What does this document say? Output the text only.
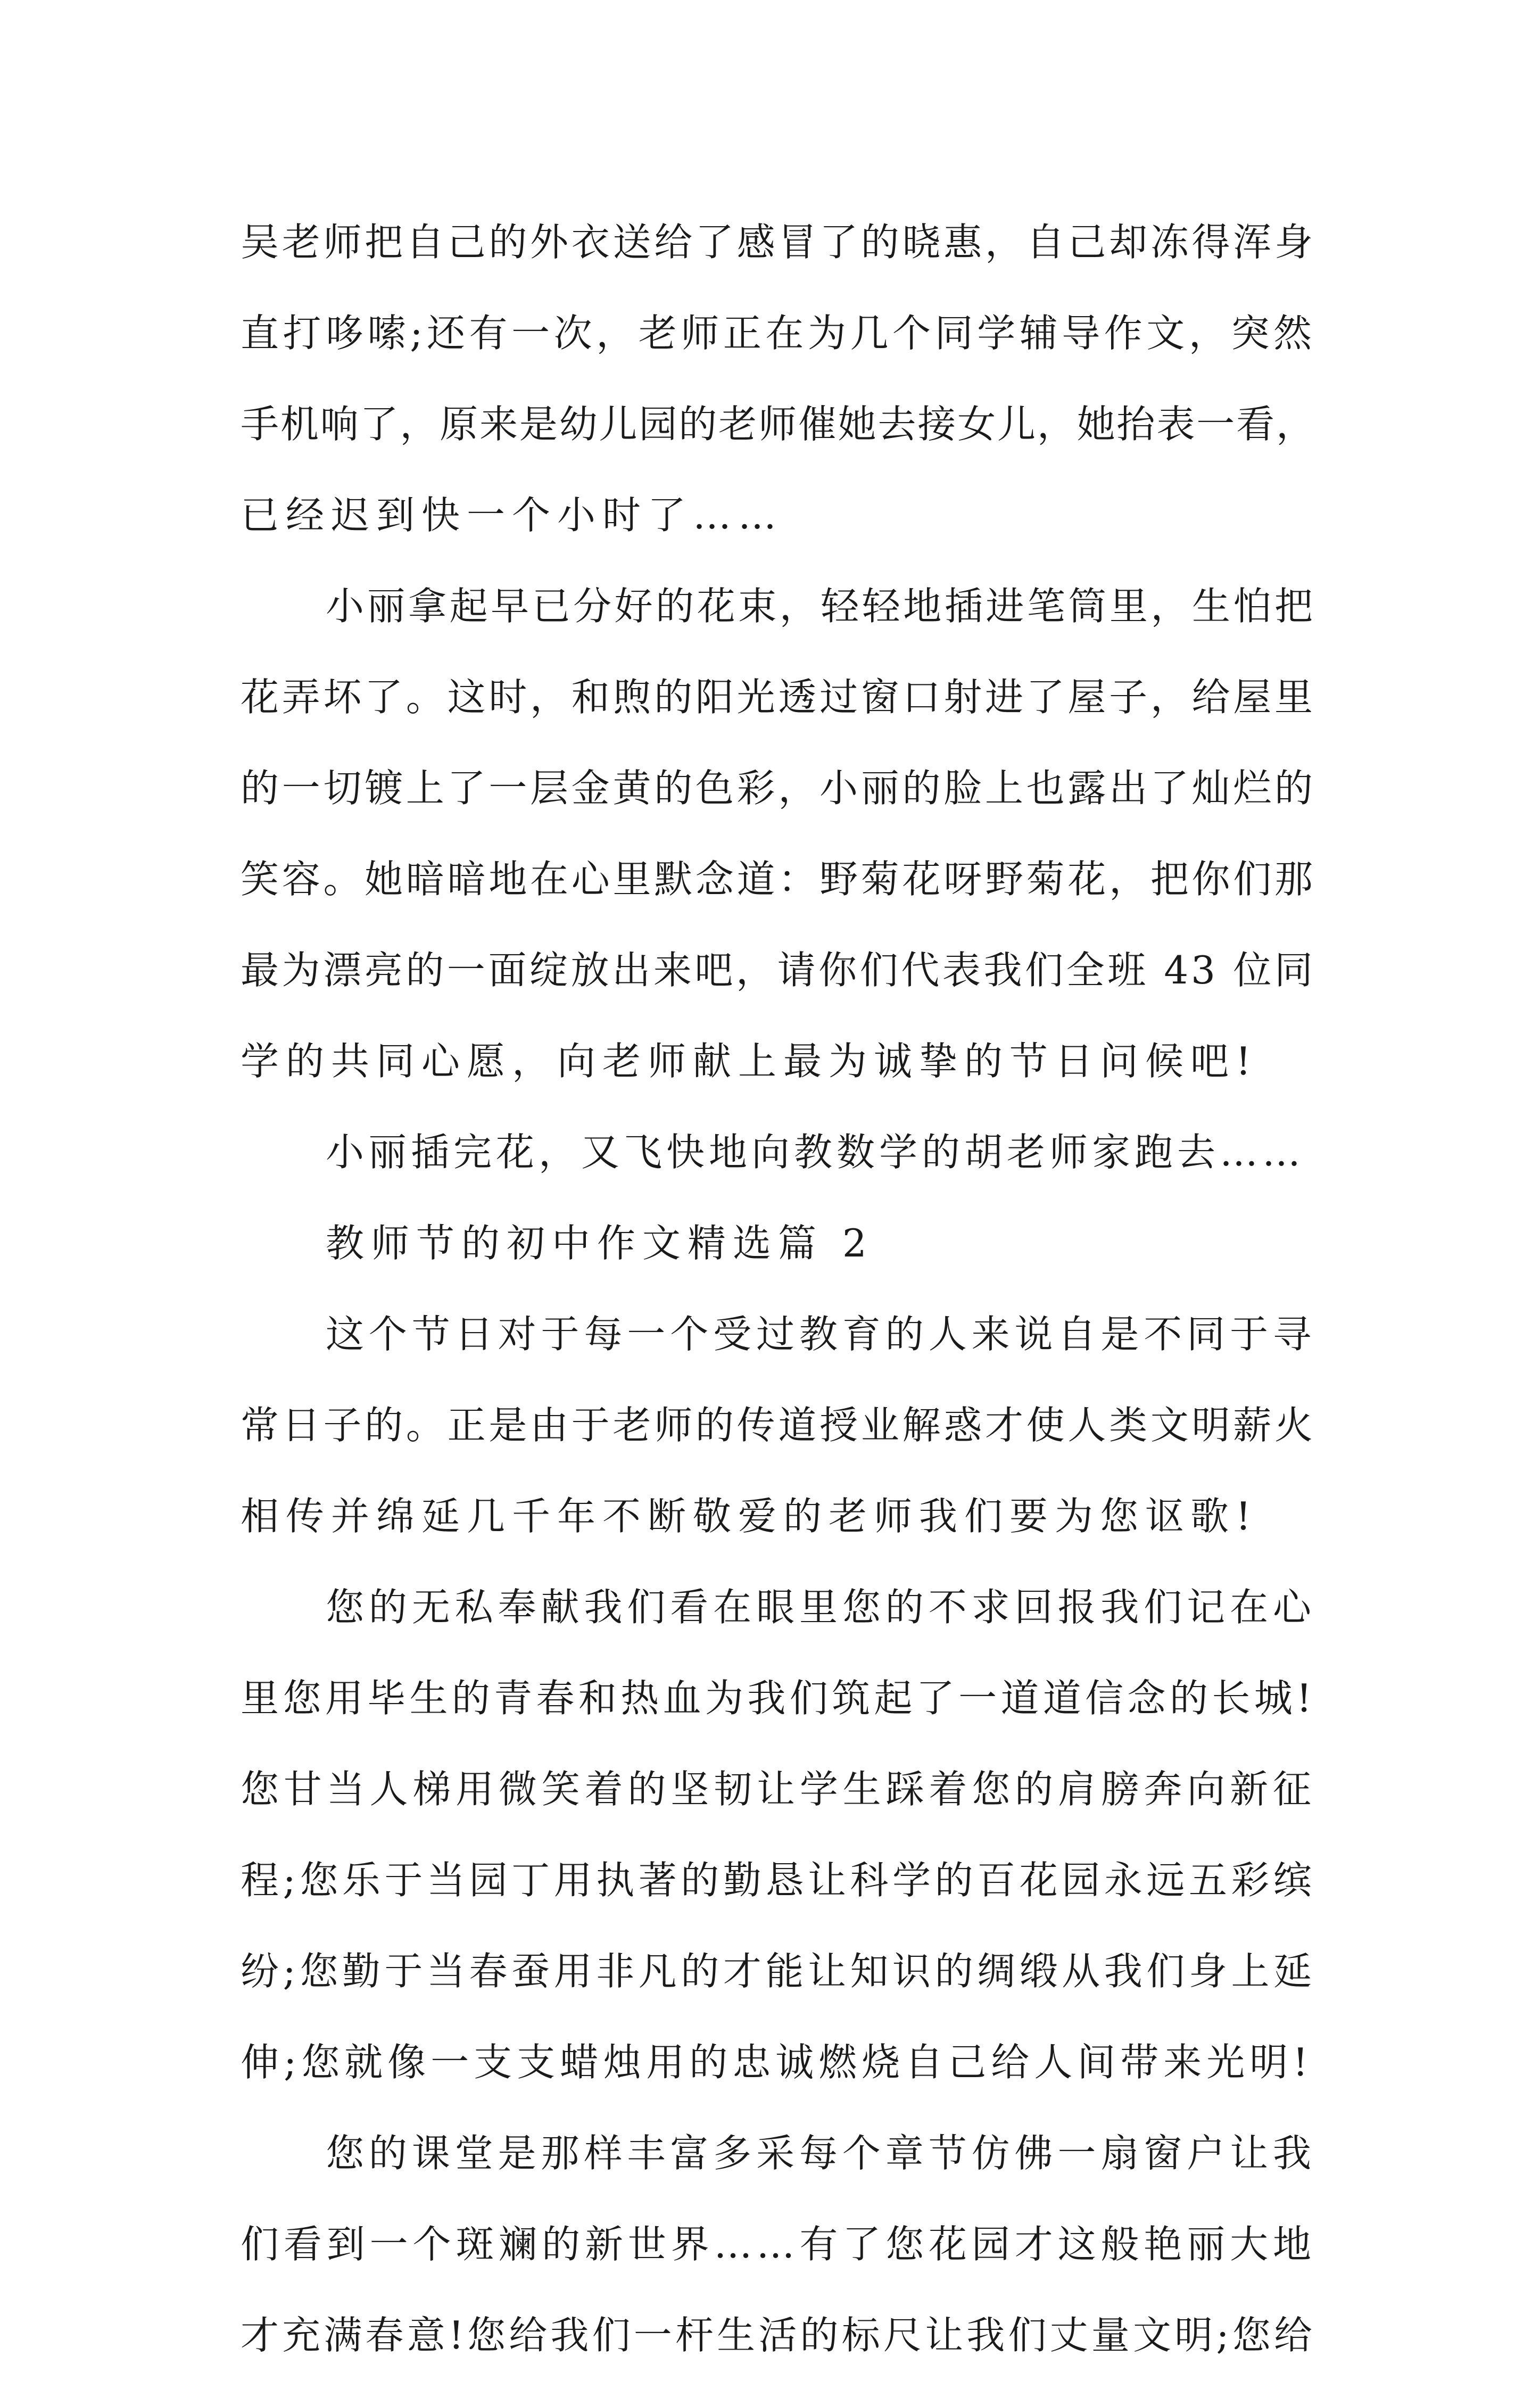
吴老师把自己的外衣送给了感冒了的晓惠，自己却冻得浑身
直打哆嗦;还有一次，老师正在为几个同学辅导作文，突然
手机响了，原来是幼儿园的老师催她去接女儿，她抬表一看，
已经迟到快一个小时了……
小丽拿起早已分好的花束，轻轻地插进笔筒里，生怕把
花弄坏了。这时，和煦的阳光透过窗口射进了屋子，给屋里
的一切镀上了一层金黄的色彩，小丽的脸上也露出了灿烂的
笑容。她暗暗地在心里默念道：野菊花呀野菊花，把你们那
最为漂亮的一面绽放出来吧，请你们代表我们全班 43 位同
学的共同心愿，向老师献上最为诚挚的节日问候吧!
小丽插完花，又飞快地向教数学的胡老师家跑去……
教师节的初中作文精选篇 2
这个节日对于每一个受过教育的人来说自是不同于寻
常日子的。正是由于老师的传道授业解惑才使人类文明薪火
相传并绵延几千年不断敬爱的老师我们要为您讴歌!
您的无私奉献我们看在眼里您的不求回报我们记在心
里您用毕生的青春和热血为我们筑起了一道道信念的长城!
您甘当人梯用微笑着的坚韧让学生踩着您的肩膀奔向新征
程;您乐于当园丁用执著的勤恳让科学的百花园永远五彩缤
纷;您勤于当春蚕用非凡的才能让知识的绸缎从我们身上延
伸;您就像一支支蜡烛用的忠诚燃烧自己给人间带来光明!
您的课堂是那样丰富多采每个章节仿佛一扇窗户让我
们看到一个斑斓的新世界……有了您花园才这般艳丽大地
才充满春意!您给我们一杆生活的标尺让我们丈量文明;您给
